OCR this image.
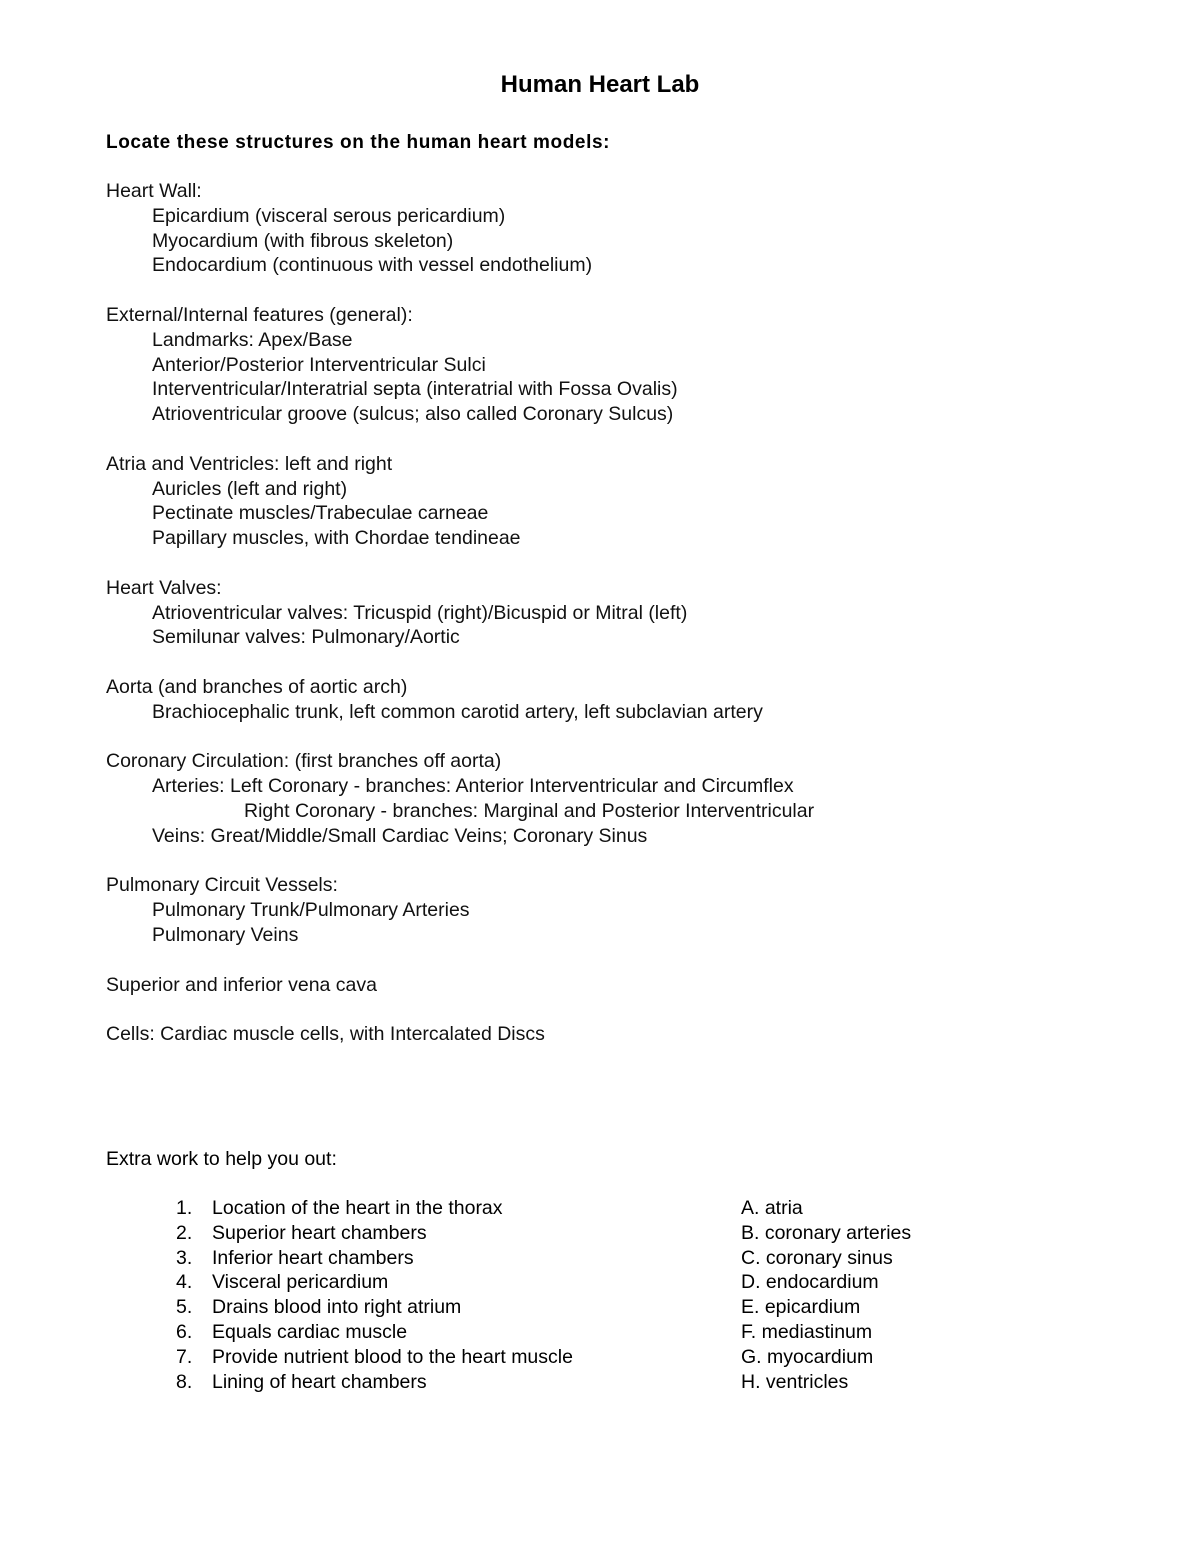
Human Heart Lab
Locate these structures on the human heart models:
Heart Wall:
Epicardium (visceral serous pericardium)
Myocardium (with fibrous skeleton)
Endocardium (continuous with vessel endothelium)
External/Internal features (general):
Landmarks: Apex/Base
Anterior/Posterior Interventricular Sulci
Interventricular/Interatrial septa (interatrial with Fossa Ovalis)
Atrioventricular groove (sulcus; also called Coronary Sulcus)
Atria and Ventricles: left and right
Auricles (left and right)
Pectinate muscles/Trabeculae carneae
Papillary muscles, with Chordae tendineae
Heart Valves:
Atrioventricular valves: Tricuspid (right)/Bicuspid or Mitral (left)
Semilunar valves: Pulmonary/Aortic
Aorta (and branches of aortic arch)
Brachiocephalic trunk, left common carotid artery, left subclavian artery
Coronary Circulation: (first branches off aorta)
Arteries: Left Coronary - branches: Anterior Interventricular and Circumflex
Right Coronary - branches: Marginal and Posterior Interventricular
Veins: Great/Middle/Small Cardiac Veins; Coronary Sinus
Pulmonary Circuit Vessels:
Pulmonary Trunk/Pulmonary Arteries
Pulmonary Veins
Superior and inferior vena cava
Cells: Cardiac muscle cells, with Intercalated Discs
Extra work to help you out:
1.	Location of the heart in the thorax	A. atria
2.	Superior heart chambers	B. coronary arteries
3.	Inferior heart chambers	C. coronary sinus
4.	Visceral pericardium	D. endocardium
5.	Drains blood into right atrium	E. epicardium
6.	Equals cardiac muscle	F. mediastinum
7.	Provide nutrient blood to the heart muscle	G. myocardium
8.	Lining of heart chambers	H. ventricles
